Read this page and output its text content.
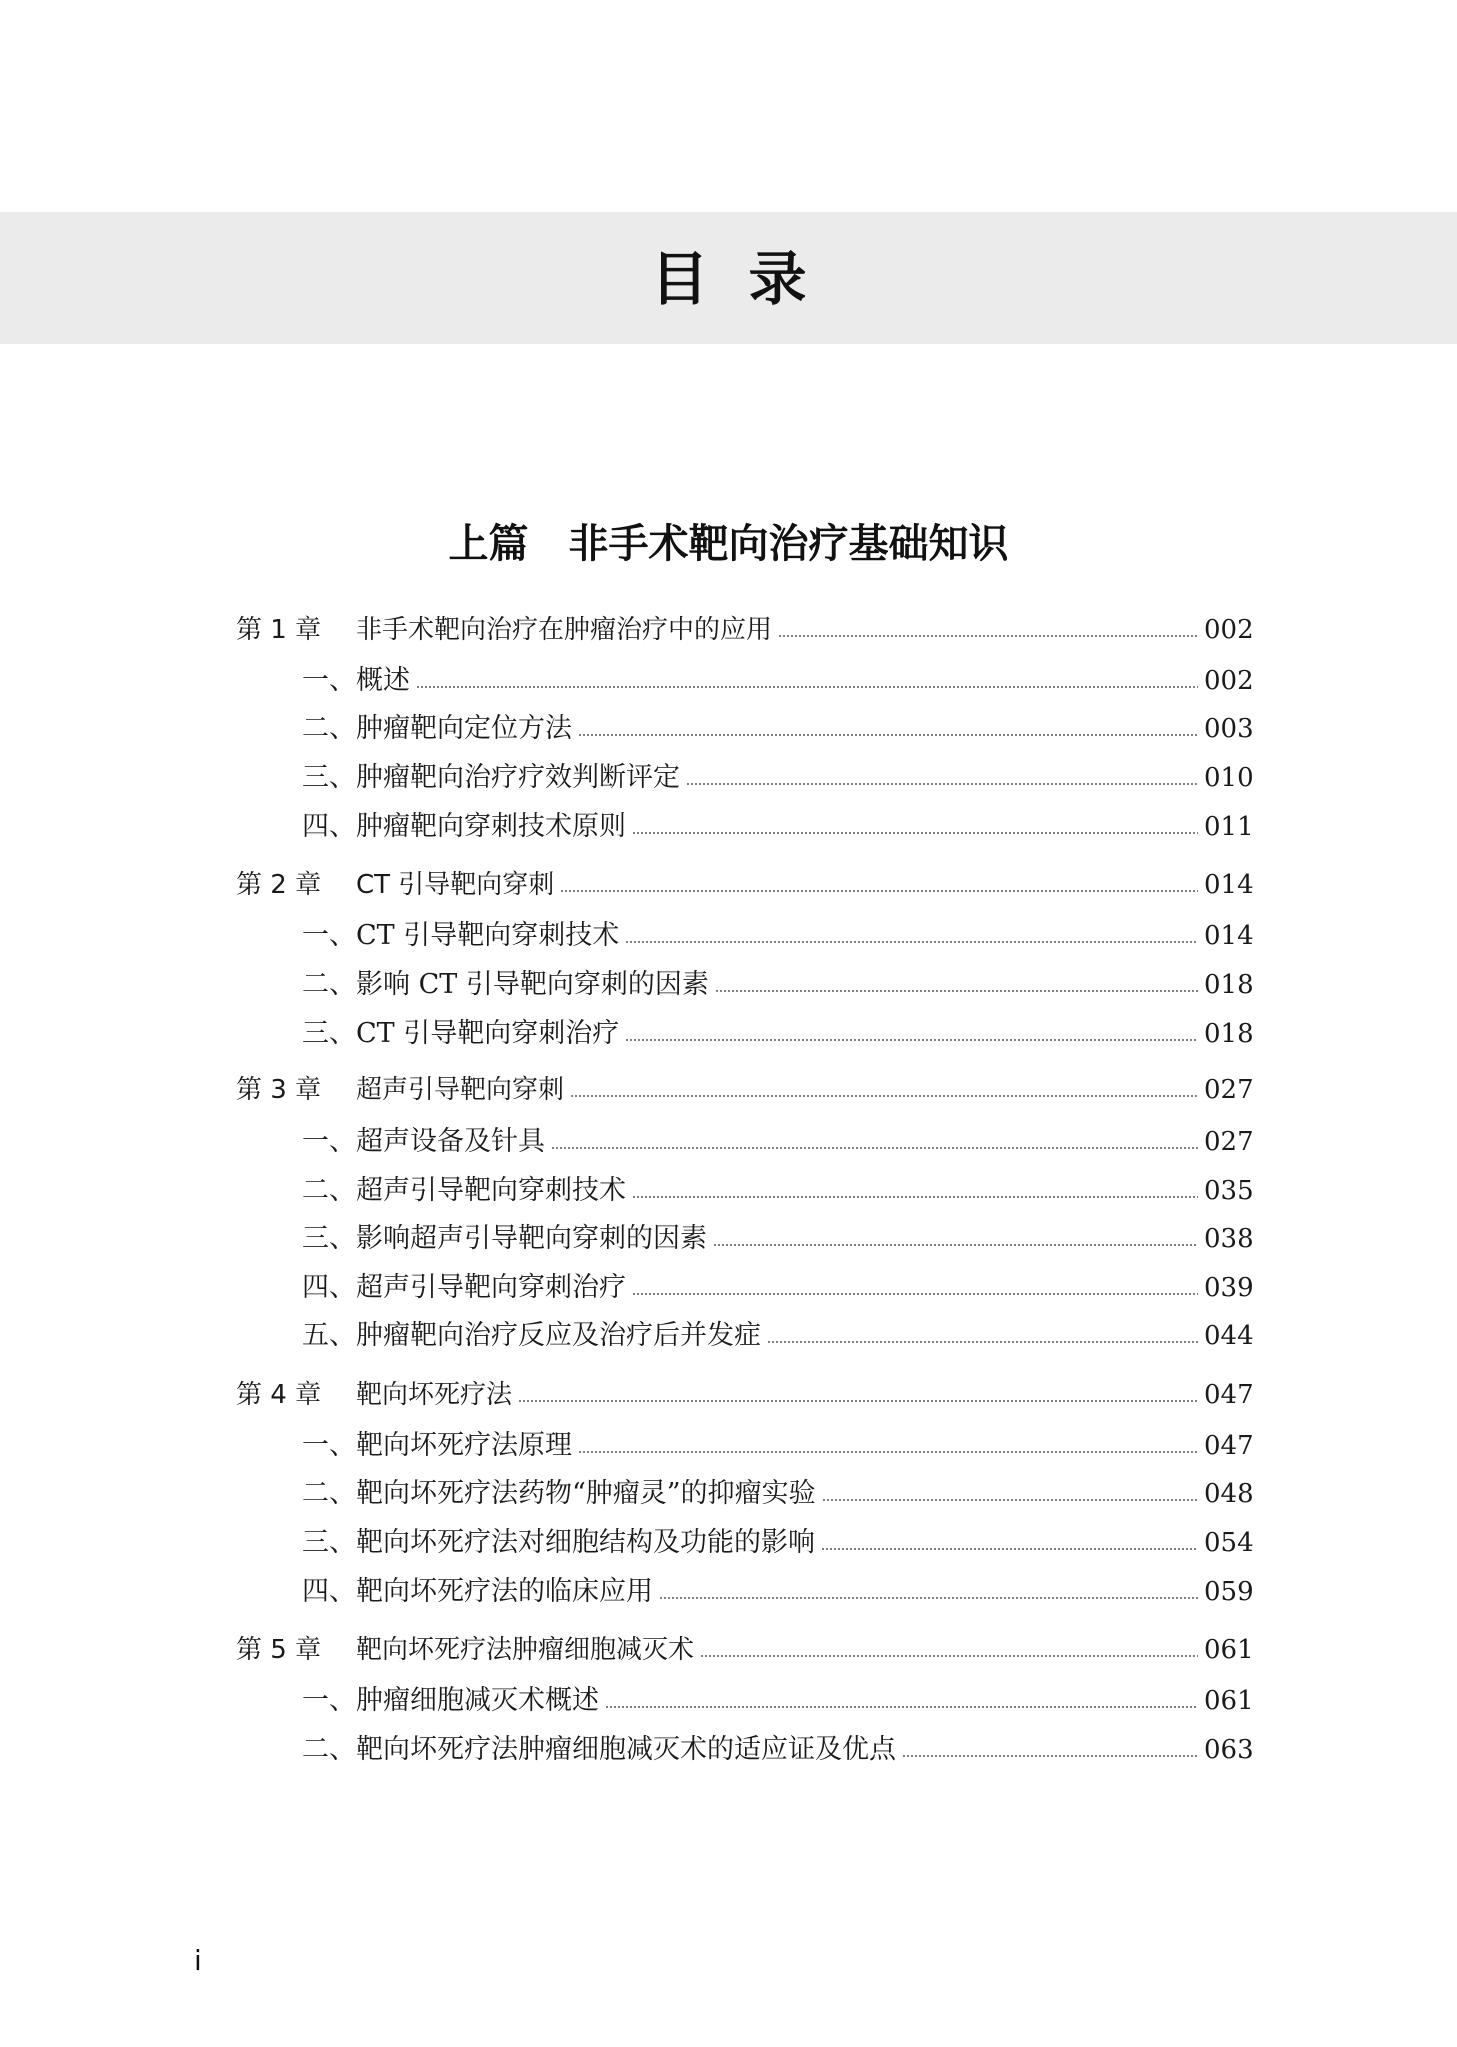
目录
上篇 非手术靶向治疗基础知识
第 1 章	非手术靶向治疗在肿瘤治疗中的应用	002
一、概述	002
二、肿瘤靶向定位方法	003
三、肿瘤靶向治疗疗效判断评定	010
四、肿瘤靶向穿刺技术原则	011
第 2 章	CT 引导靶向穿刺	014
一、CT 引导靶向穿刺技术	014
二、影响 CT 引导靶向穿刺的因素	018
三、CT 引导靶向穿刺治疗	018
第 3 章	超声引导靶向穿刺	027
一、超声设备及针具	027
二、超声引导靶向穿刺技术	035
三、影响超声引导靶向穿刺的因素	038
四、超声引导靶向穿刺治疗	039
五、肿瘤靶向治疗反应及治疗后并发症	044
第 4 章	靶向坏死疗法	047
一、靶向坏死疗法原理	047
二、靶向坏死疗法药物“肿瘤灵”的抑瘤实验	048
三、靶向坏死疗法对细胞结构及功能的影响	054
四、靶向坏死疗法的临床应用	059
第 5 章	靶向坏死疗法肿瘤细胞减灭术	061
一、肿瘤细胞减灭术概述	061
二、靶向坏死疗法肿瘤细胞减灭术的适应证及优点	063
i
